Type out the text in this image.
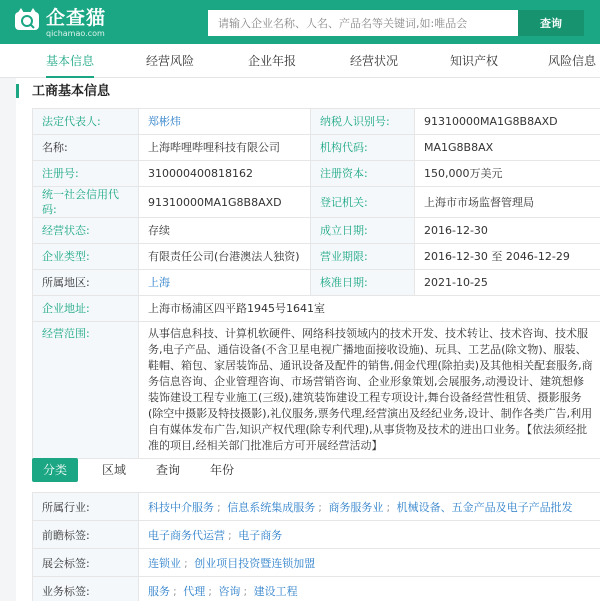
企查猫
qichamao.com
请输入企业名称、人名、产品名等关键词,如:唯品会
查询
基本信息	经营风险	企业年报	经营状况	知识产权	风险信息
工商基本信息
法定代表人:	郑彬炜	纳税人识别号:	91310000MA1G8B8AXD
名称:	上海哔哩哔哩科技有限公司	机构代码:	MA1G8B8AX
注册号:	310000400818162	注册资本:	150,000万美元
统一社会信用代码:	91310000MA1G8B8AXD	登记机关:	上海市市场监督管理局
经营状态:	存续	成立日期:	2016-12-30
企业类型:	有限责任公司(台港澳法人独资)	营业期限:	2016-12-30 至 2046-12-29
所属地区:	上海	核准日期:	2021-10-25
企业地址:	上海市杨浦区四平路1945号1641室		
经营范围:	从事信息科技、计算机软硬件、网络科技领域内的技术开发、技术转让、技术咨询、技术服务,电子产品、通信设备(不含卫星电视广播地面接收设施)、玩具、工艺品(除文物)、服装、鞋帽、箱包、家居装饰品、通讯设备及配件的销售,佣金代理(除拍卖)及其他相关配套服务,商务信息咨询、企业管理咨询、市场营销咨询、企业形象策划,会展服务,动漫设计、建筑想修装饰建设工程专业施工(三级),建筑装饰建设工程专项设计,舞台设备经营性租赁、摄影服务(除空中摄影及特技摄影),礼仪服务,票务代理,经营演出及经纪业务,设计、制作各类广告,利用自有媒体发布广告,知识产权代理(除专利代理),从事货物及技术的进出口业务。【依法须经批准的项目,经相关部门批准后方可开展经营活动】		
分类	区域	查询	年份
所属行业:	科技中介服务 ; 信息系统集成服务 ; 商务服务业 ; 机械设备、五金产品及电子产品批发
前瞻标签:	电子商务代运营 ; 电子商务
展会标签:	连锁业 ; 创业项目投资暨连锁加盟
业务标签:	服务 ; 代理 ; 咨询 ; 建设工程
